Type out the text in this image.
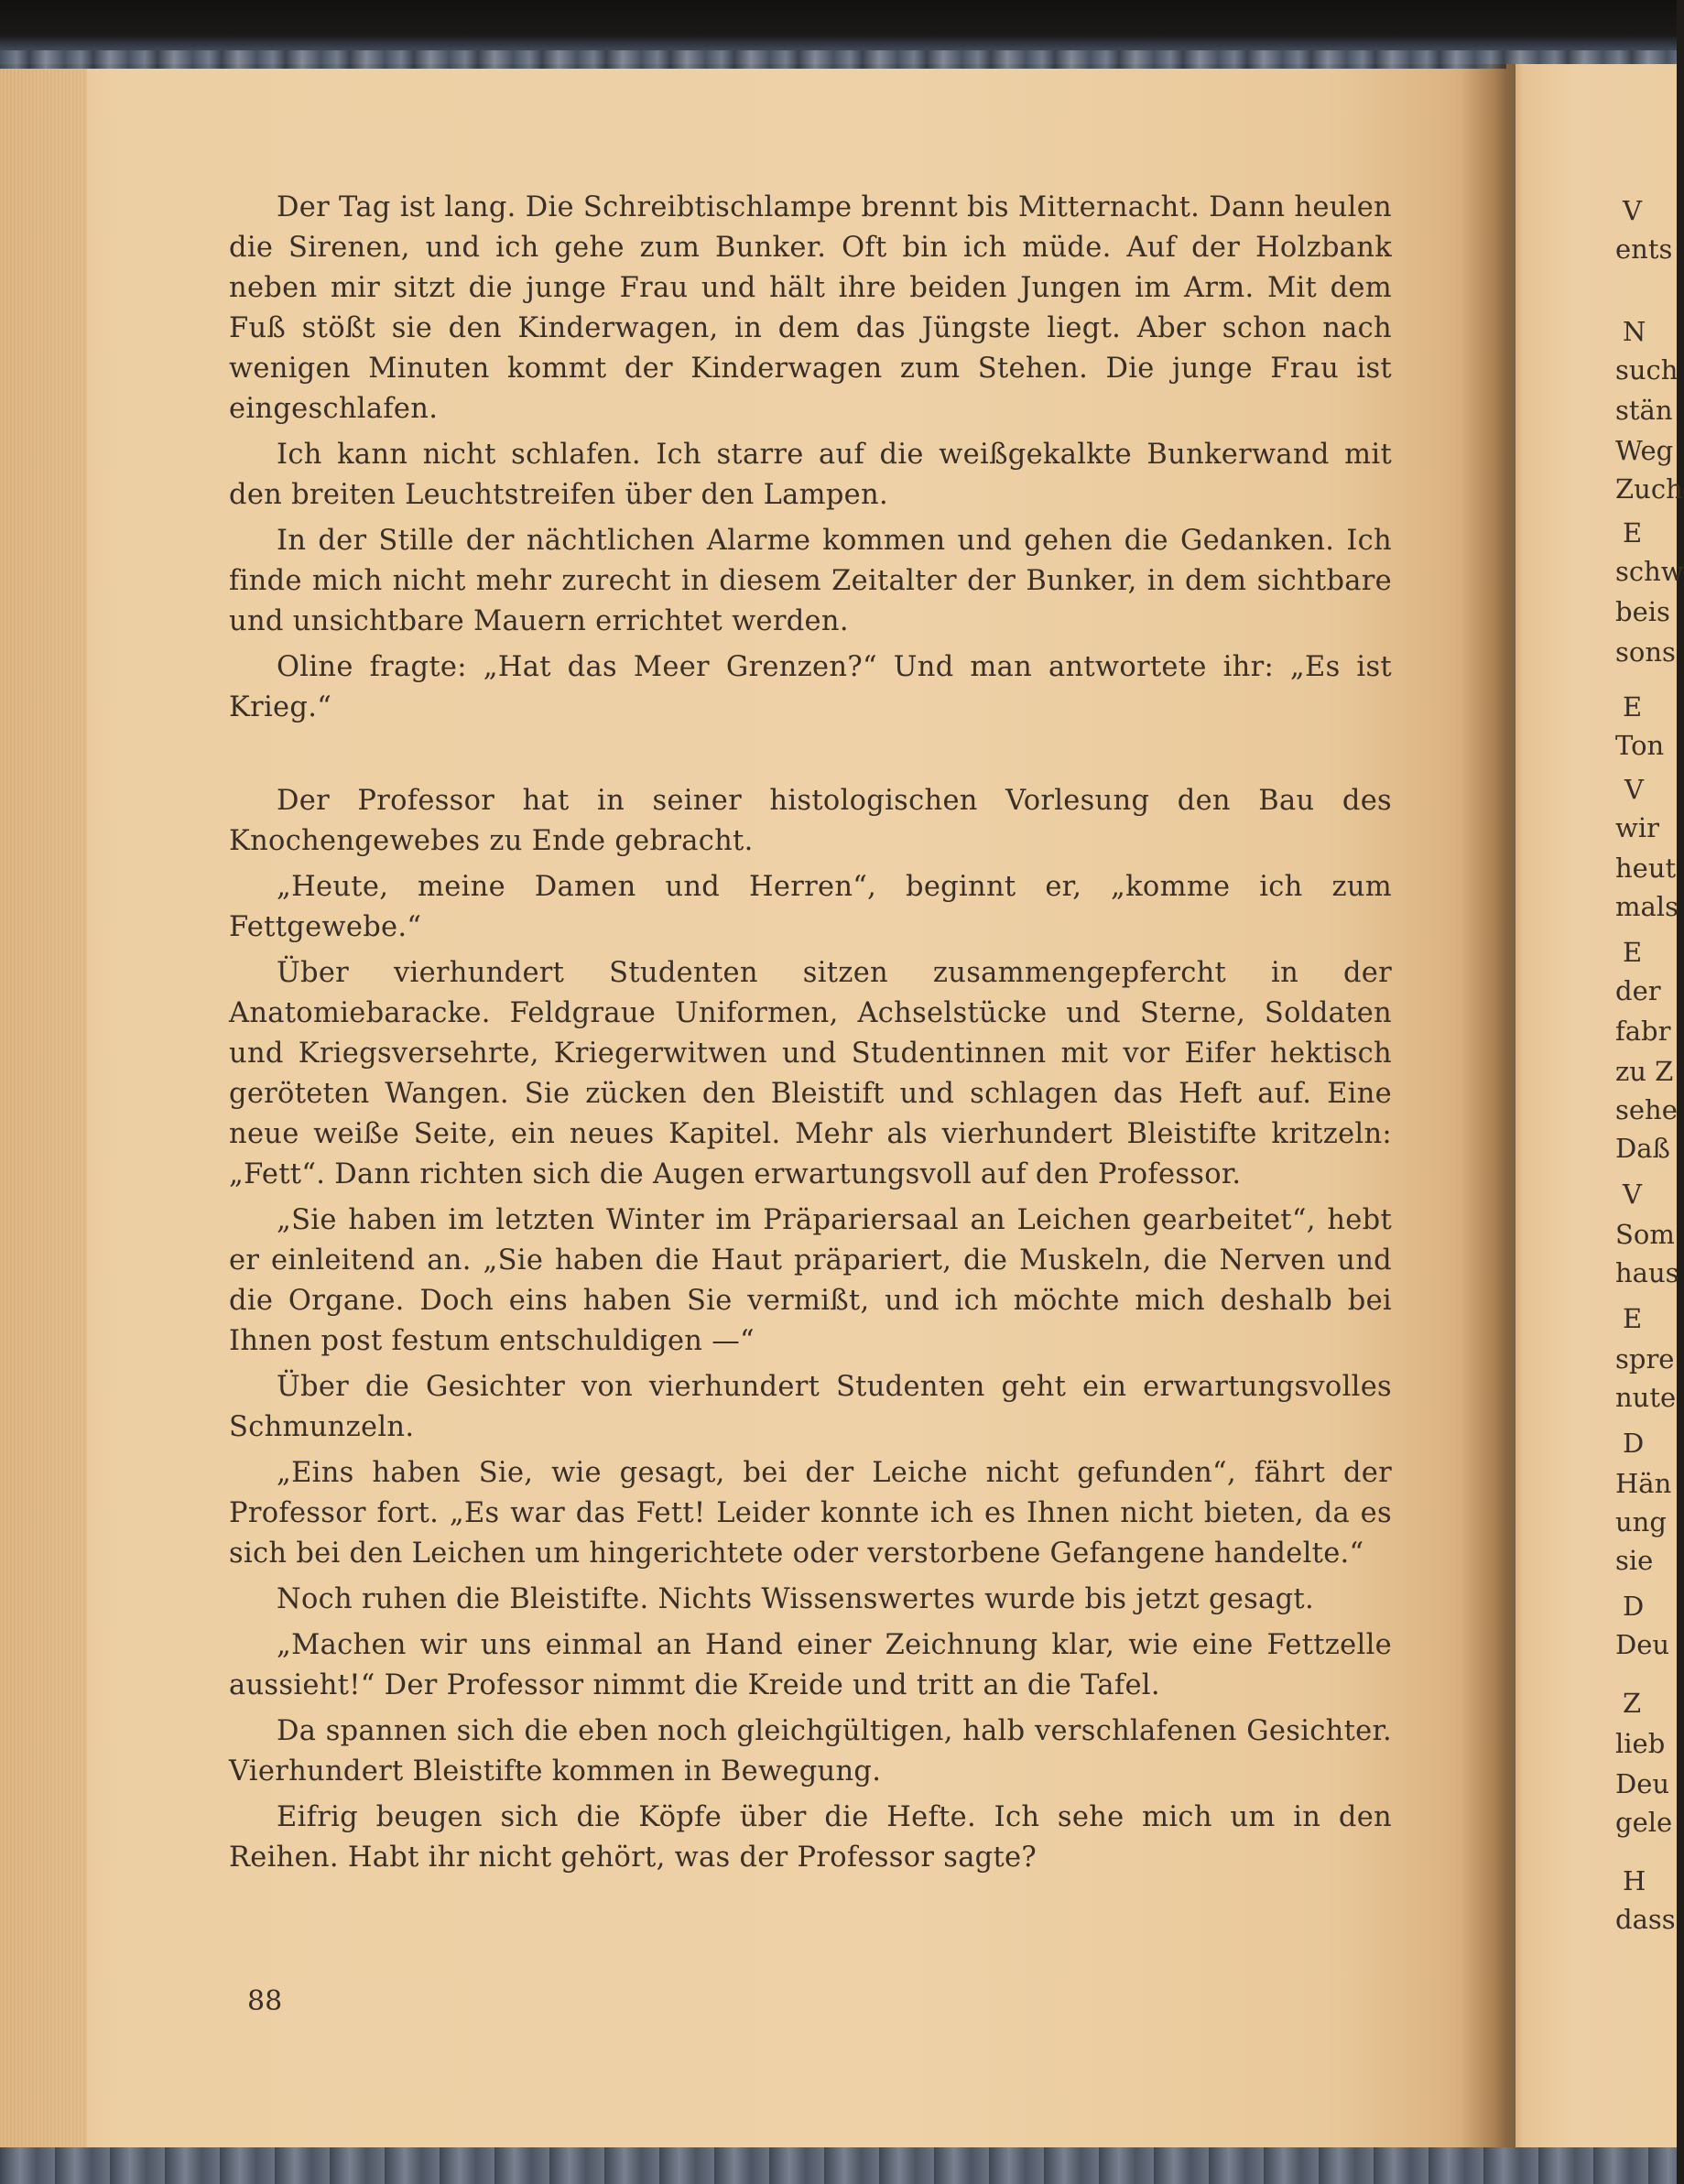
Der Tag ist lang. Die Schreibtischlampe brennt bis Mitternacht. Dann heulen die Sirenen, und ich gehe zum Bunker. Oft bin ich müde. Auf der Holzbank neben mir sitzt die junge Frau und hält ihre beiden Jungen im Arm. Mit dem Fuß stößt sie den Kinderwagen, in dem das Jüngste liegt. Aber schon nach wenigen Minuten kommt der Kinderwagen zum Stehen. Die junge Frau ist eingeschlafen.

Ich kann nicht schlafen. Ich starre auf die weißgekalkte Bunkerwand mit den breiten Leuchtstreifen über den Lampen.

In der Stille der nächtlichen Alarme kommen und gehen die Gedanken. Ich finde mich nicht mehr zurecht in diesem Zeitalter der Bunker, in dem sichtbare und unsichtbare Mauern errichtet werden.

Oline fragte: „Hat das Meer Grenzen?“ Und man antwortete ihr: „Es ist Krieg.“

Der Professor hat in seiner histologischen Vorlesung den Bau des Knochengewebes zu Ende gebracht.

„Heute, meine Damen und Herren“, beginnt er, „komme ich zum Fettgewebe.“

Über vierhundert Studenten sitzen zusammengepfercht in der Anatomiebaracke. Feldgraue Uniformen, Achselstücke und Sterne, Soldaten und Kriegsversehrte, Kriegerwitwen und Studentinnen mit vor Eifer hektisch geröteten Wangen. Sie zücken den Bleistift und schlagen das Heft auf. Eine neue weiße Seite, ein neues Kapitel. Mehr als vierhundert Bleistifte kritzeln: „Fett“. Dann richten sich die Augen erwartungsvoll auf den Professor.

„Sie haben im letzten Winter im Präpariersaal an Leichen gearbeitet“, hebt er einleitend an. „Sie haben die Haut präpariert, die Muskeln, die Nerven und die Organe. Doch eins haben Sie vermißt, und ich möchte mich deshalb bei Ihnen post festum entschuldigen —“

Über die Gesichter von vierhundert Studenten geht ein erwartungsvolles Schmunzeln.

„Eins haben Sie, wie gesagt, bei der Leiche nicht gefunden“, fährt der Professor fort. „Es war das Fett! Leider konnte ich es Ihnen nicht bieten, da es sich bei den Leichen um hingerichtete oder verstorbene Gefangene handelte.“

Noch ruhen die Bleistifte. Nichts Wissenswertes wurde bis jetzt gesagt.

„Machen wir uns einmal an Hand einer Zeichnung klar, wie eine Fettzelle aussieht!“ Der Professor nimmt die Kreide und tritt an die Tafel.

Da spannen sich die eben noch gleichgültigen, halb verschlafenen Gesichter. Vierhundert Bleistifte kommen in Bewegung.

Eifrig beugen sich die Köpfe über die Hefte. Ich sehe mich um in den Reihen. Habt ihr nicht gehört, was der Professor sagte?

88
V
ents
N
such
stän
Weg
Zuch
E
schw
beis
sons
E
Ton
V
wir
heut
mals
E
der
fabr
zu Z
sehe
Daß
V
Som
haus
E
spre
nute
D
Hän
ung
sie
D
Deu
Z
lieb
Deu
gele
H
dass
